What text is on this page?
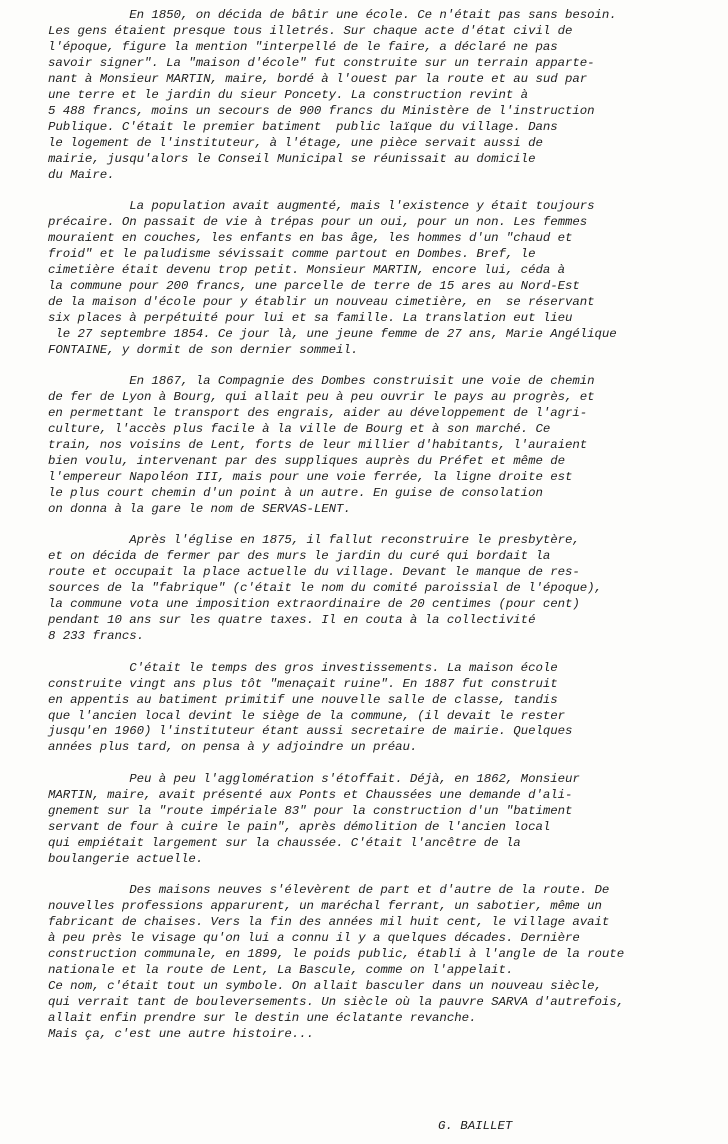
En 1850, on décida de bâtir une école. Ce n'était pas sans besoin.
Les gens étaient presque tous illetrés. Sur chaque acte d'état civil de
l'époque, figure la mention "interpellé de le faire, a déclaré ne pas
savoir signer". La "maison d'école" fut construite sur un terrain apparte-
nant à Monsieur MARTIN, maire, bordé à l'ouest par la route et au sud par
une terre et le jardin du sieur Poncety. La construction revint à
5 488 francs, moins un secours de 900 francs du Ministère de l'instruction
Publique. C'était le premier batiment  public laïque du village. Dans
le logement de l'instituteur, à l'étage, une pièce servait aussi de
mairie, jusqu'alors le Conseil Municipal se réunissait au domicile
du Maire.
La population avait augmenté, mais l'existence y était toujours
précaire. On passait de vie à trépas pour un oui, pour un non. Les femmes
mouraient en couches, les enfants en bas âge, les hommes d'un "chaud et
froid" et le paludisme sévissait comme partout en Dombes. Bref, le
cimetière était devenu trop petit. Monsieur MARTIN, encore lui, céda à
la commune pour 200 francs, une parcelle de terre de 15 ares au Nord-Est
de la maison d'école pour y établir un nouveau cimetière, en  se réservant
six places à perpétuité pour lui et sa famille. La translation eut lieu
le 27 septembre 1854. Ce jour là, une jeune femme de 27 ans, Marie Angélique
FONTAINE, y dormit de son dernier sommeil.
En 1867, la Compagnie des Dombes construisit une voie de chemin
de fer de Lyon à Bourg, qui allait peu à peu ouvrir le pays au progrès, et
en permettant le transport des engrais, aider au développement de l'agri-
culture, l'accès plus facile à la ville de Bourg et à son marché. Ce
train, nos voisins de Lent, forts de leur millier d'habitants, l'auraient
bien voulu, intervenant par des suppliques auprès du Préfet et même de
l'empereur Napoléon III, mais pour une voie ferrée, la ligne droite est
le plus court chemin d'un point à un autre. En guise de consolation
on donna à la gare le nom de SERVAS-LENT.
Après l'église en 1875, il fallut reconstruire le presbytère,
et on décida de fermer par des murs le jardin du curé qui bordait la
route et occupait la place actuelle du village. Devant le manque de res-
sources de la "fabrique" (c'était le nom du comité paroissial de l'époque),
la commune vota une imposition extraordinaire de 20 centimes (pour cent)
pendant 10 ans sur les quatre taxes. Il en couta à la collectivité
8 233 francs.
C'était le temps des gros investissements. La maison école
construite vingt ans plus tôt "menaçait ruine". En 1887 fut construit
en appentis au batiment primitif une nouvelle salle de classe, tandis
que l'ancien local devint le siège de la commune, (il devait le rester
jusqu'en 1960) l'instituteur étant aussi secretaire de mairie. Quelques
années plus tard, on pensa à y adjoindre un préau.
Peu à peu l'agglomération s'étoffait. Déjà, en 1862, Monsieur
MARTIN, maire, avait présenté aux Ponts et Chaussées une demande d'ali-
gnement sur la "route impériale 83" pour la construction d'un "batiment
servant de four à cuire le pain", après démolition de l'ancien local
qui empiétait largement sur la chaussée. C'était l'ancêtre de la
boulangerie actuelle.
Des maisons neuves s'élevèrent de part et d'autre de la route. De
nouvelles professions apparurent, un maréchal ferrant, un sabotier, même un
fabricant de chaises. Vers la fin des années mil huit cent, le village avait
à peu près le visage qu'on lui a connu il y a quelques décades. Dernière
construction communale, en 1899, le poids public, établi à l'angle de la route
nationale et la route de Lent, La Bascule, comme on l'appelait.
Ce nom, c'était tout un symbole. On allait basculer dans un nouveau siècle,
qui verrait tant de bouleversements. Un siècle où la pauvre SARVA d'autrefois,
allait enfin prendre sur le destin une éclatante revanche.
Mais ça, c'est une autre histoire...
G. BAILLET
